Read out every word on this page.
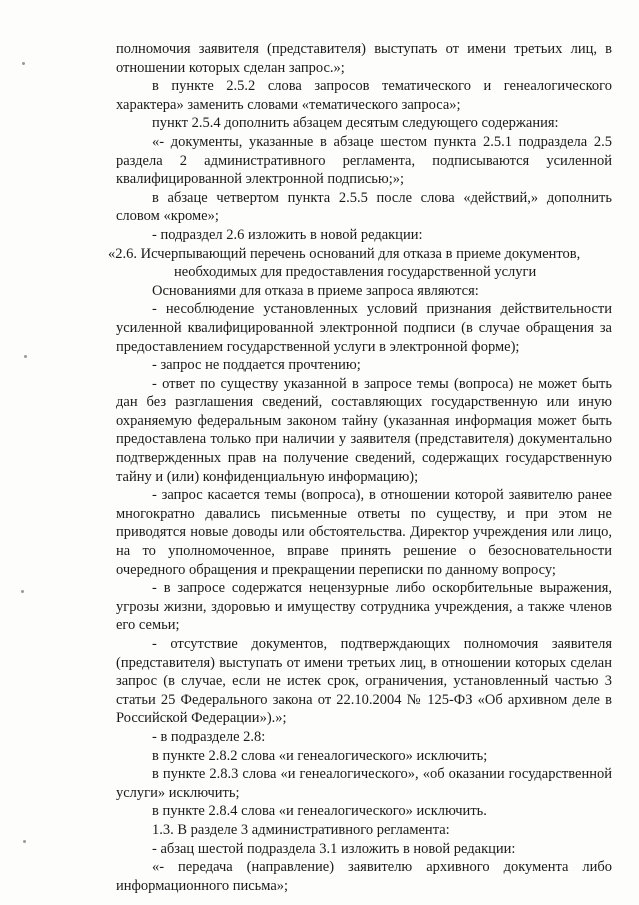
полномочия заявителя (представителя) выступать от имени третьих лиц, в отношении которых сделан запрос.»;

в пункте 2.5.2 слова запросов тематического и генеалогического характера» заменить словами «тематического запроса»;

пункт 2.5.4 дополнить абзацем десятым следующего содержания:

«- документы, указанные в абзаце шестом пункта 2.5.1 подраздела 2.5 раздела 2 административного регламента, подписываются усиленной квалифицированной электронной подписью;»;

в абзаце четвертом пункта 2.5.5 после слова «действий,» дополнить словом «кроме»;

- подраздел 2.6 изложить в новой редакции:

«2.6. Исчерпывающий перечень оснований для отказа в приеме документов,

необходимых для предоставления государственной услуги

Основаниями для отказа в приеме запроса являются:

- несоблюдение установленных условий признания действительности усиленной квалифицированной электронной подписи (в случае обращения за предоставлением государственной услуги в электронной форме);

- запрос не поддается прочтению;

- ответ по существу указанной в запросе темы (вопроса) не может быть дан без разглашения сведений, составляющих государственную или иную охраняемую федеральным законом тайну (указанная информация может быть предоставлена только при наличии у заявителя (представителя) документально подтвержденных прав на получение сведений, содержащих государственную тайну и (или) конфиденциальную информацию);

- запрос касается темы (вопроса), в отношении которой заявителю ранее многократно давались письменные ответы по существу, и при этом не приводятся новые доводы или обстоятельства. Директор учреждения или лицо, на то уполномоченное, вправе принять решение о безосновательности очередного обращения и прекращении переписки по данному вопросу;

- в запросе содержатся нецензурные либо оскорбительные выражения, угрозы жизни, здоровью и имуществу сотрудника учреждения, а также членов его семьи;

- отсутствие документов, подтверждающих полномочия заявителя (представителя) выступать от имени третьих лиц, в отношении которых сделан запрос (в случае, если не истек срок, ограничения, установленный частью 3 статьи 25 Федерального закона от 22.10.2004 № 125-ФЗ «Об архивном деле в Российской Федерации»).»;

- в подразделе 2.8:

в пункте 2.8.2 слова «и генеалогического» исключить;

в пункте 2.8.3 слова «и генеалогического», «об оказании государственной услуги» исключить;

в пункте 2.8.4 слова «и генеалогического» исключить.

1.3. В разделе 3 административного регламента:

- абзац шестой подраздела 3.1 изложить в новой редакции:

«- передача (направление) заявителю архивного документа либо информационного письма»;
